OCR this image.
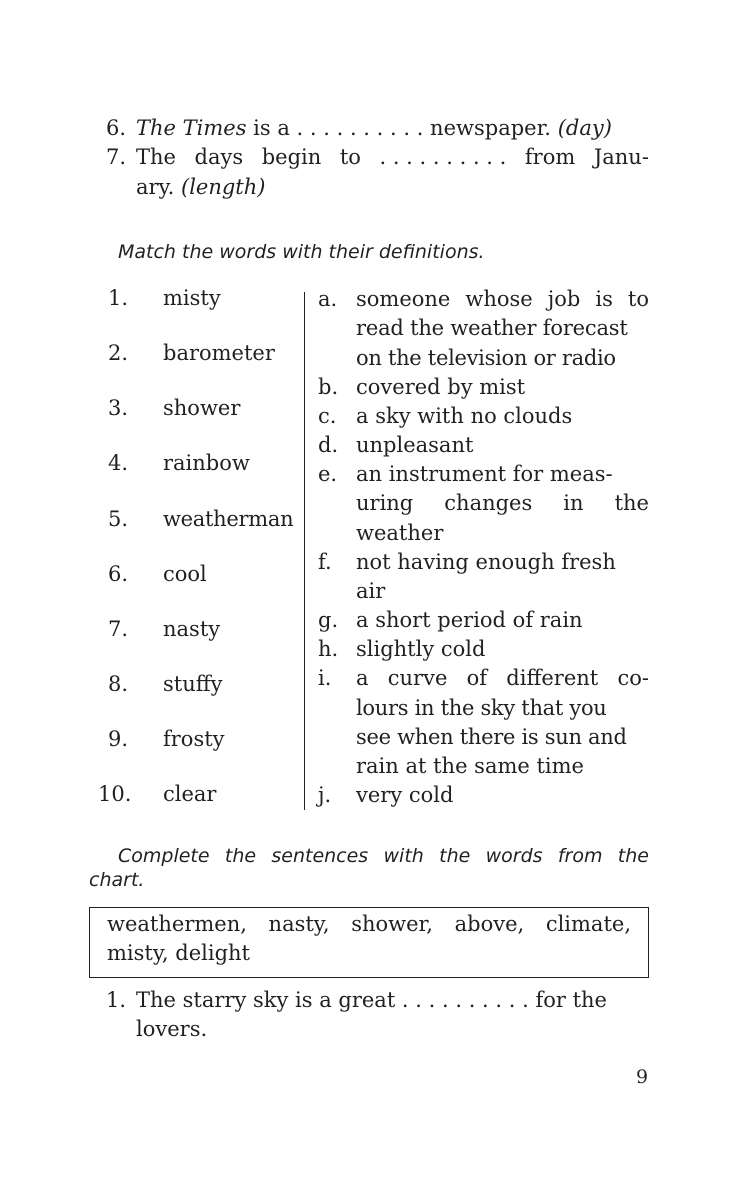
6. The Times is a . . . . . . . . . . newspaper. (day)
7. The days begin to . . . . . . . . . . from Janu-
ary. (length)
Match the words with their definitions.
1. misty
2. barometer
3. shower
4. rainbow
5. weatherman
6. cool
7. nasty
8. stuffy
9. frosty
10. clear
a. someone whose job is to
read the weather forecast
on the television or radio
b. covered by mist
c. a sky with no clouds
d. unpleasant
e. an instrument for meas-
uring changes in the
weather
f. not having enough fresh
air
g. a short period of rain
h. slightly cold
i. a curve of different co-
lours in the sky that you
see when there is sun and
rain at the same time
j. very cold
Complete the sentences with the words from the
chart.
weathermen, nasty, shower, above, climate,
misty, delight
1. The starry sky is a great . . . . . . . . . . for the
lovers.
9
